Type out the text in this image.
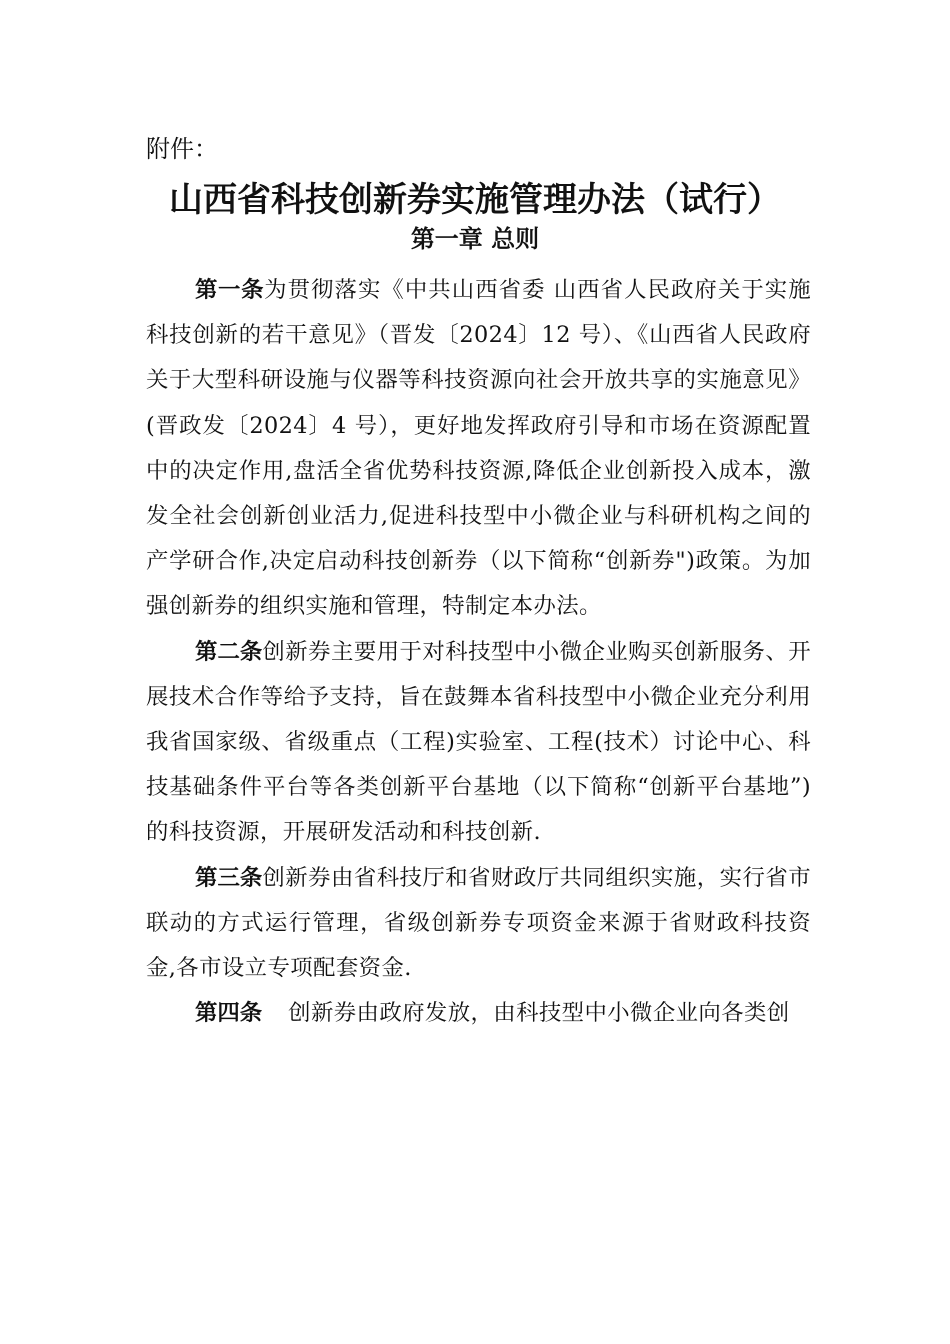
附件：

山西省科技创新券实施管理办法（试行）
第一章 总则

第一条为贯彻落实《中共山西省委 山西省人民政府关于实施科技创新的若干意见》（晋发〔2024〕12 号）、《山西省人民政府关于大型科研设施与仪器等科技资源向社会开放共享的实施意见》(晋政发〔2024〕4 号），更好地发挥政府引导和市场在资源配置中的决定作用,盘活全省优势科技资源,降低企业创新投入成本，激发全社会创新创业活力,促进科技型中小微企业与科研机构之间的产学研合作,决定启动科技创新券（以下简称“创新券")政策。为加强创新券的组织实施和管理，特制定本办法。

第二条创新券主要用于对科技型中小微企业购买创新服务、开展技术合作等给予支持，旨在鼓舞本省科技型中小微企业充分利用我省国家级、省级重点（工程)实验室、工程(技术）讨论中心、科技基础条件平台等各类创新平台基地（以下简称“创新平台基地”)的科技资源，开展研发活动和科技创新.

第三条创新券由省科技厅和省财政厅共同组织实施，实行省市联动的方式运行管理，省级创新券专项资金来源于省财政科技资金,各市设立专项配套资金.

第四条 创新券由政府发放，由科技型中小微企业向各类创
